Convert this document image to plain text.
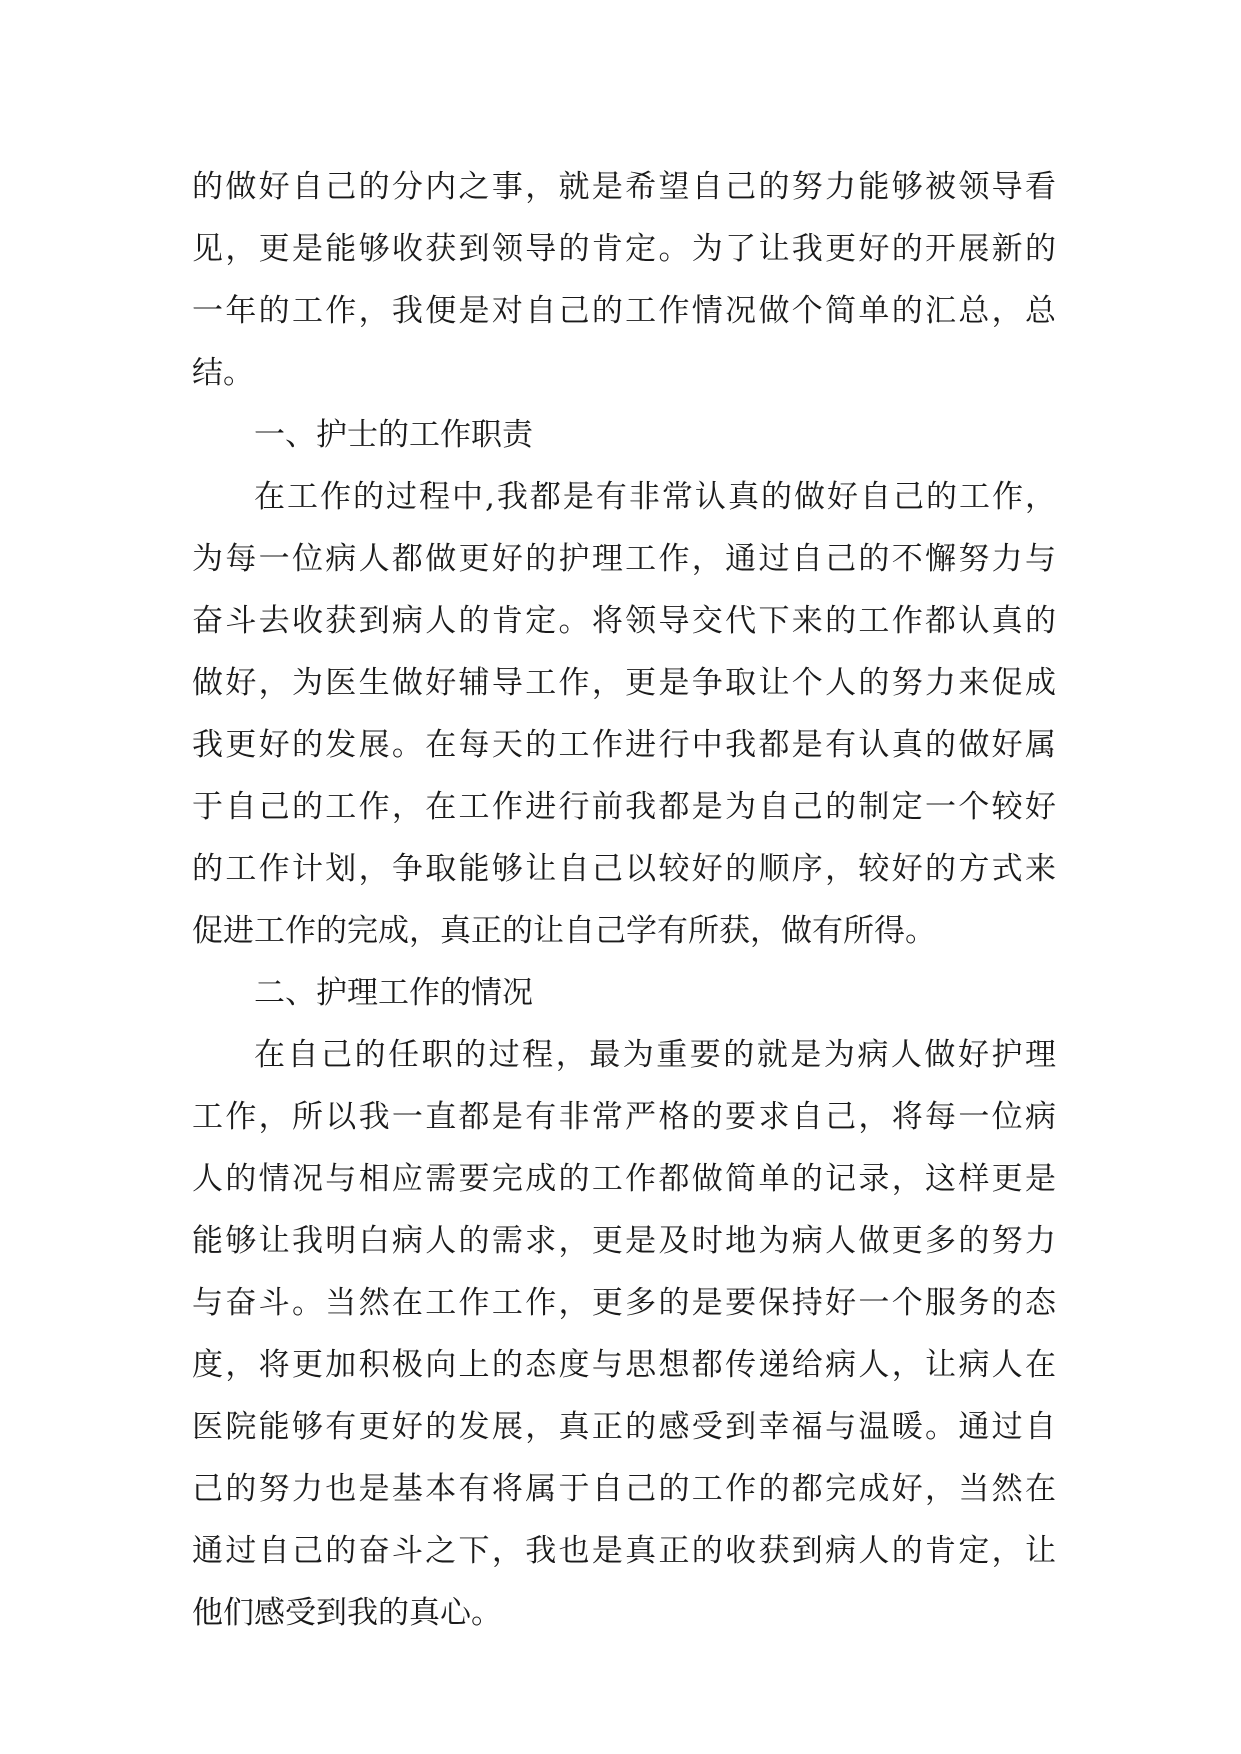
的做好自己的分内之事，就是希望自己的努力能够被领导看
见，更是能够收获到领导的肯定。为了让我更好的开展新的
一年的工作，我便是对自己的工作情况做个简单的汇总，总
结。
一、护士的工作职责
在工作的过程中,我都是有非常认真的做好自己的工作，
为每一位病人都做更好的护理工作，通过自己的不懈努力与
奋斗去收获到病人的肯定。将领导交代下来的工作都认真的
做好，为医生做好辅导工作，更是争取让个人的努力来促成
我更好的发展。在每天的工作进行中我都是有认真的做好属
于自己的工作，在工作进行前我都是为自己的制定一个较好
的工作计划，争取能够让自己以较好的顺序，较好的方式来
促进工作的完成，真正的让自己学有所获，做有所得。
二、护理工作的情况
在自己的任职的过程，最为重要的就是为病人做好护理
工作，所以我一直都是有非常严格的要求自己，将每一位病
人的情况与相应需要完成的工作都做简单的记录，这样更是
能够让我明白病人的需求，更是及时地为病人做更多的努力
与奋斗。当然在工作工作，更多的是要保持好一个服务的态
度，将更加积极向上的态度与思想都传递给病人，让病人在
医院能够有更好的发展，真正的感受到幸福与温暖。通过自
己的努力也是基本有将属于自己的工作的都完成好，当然在
通过自己的奋斗之下，我也是真正的收获到病人的肯定，让
他们感受到我的真心。
